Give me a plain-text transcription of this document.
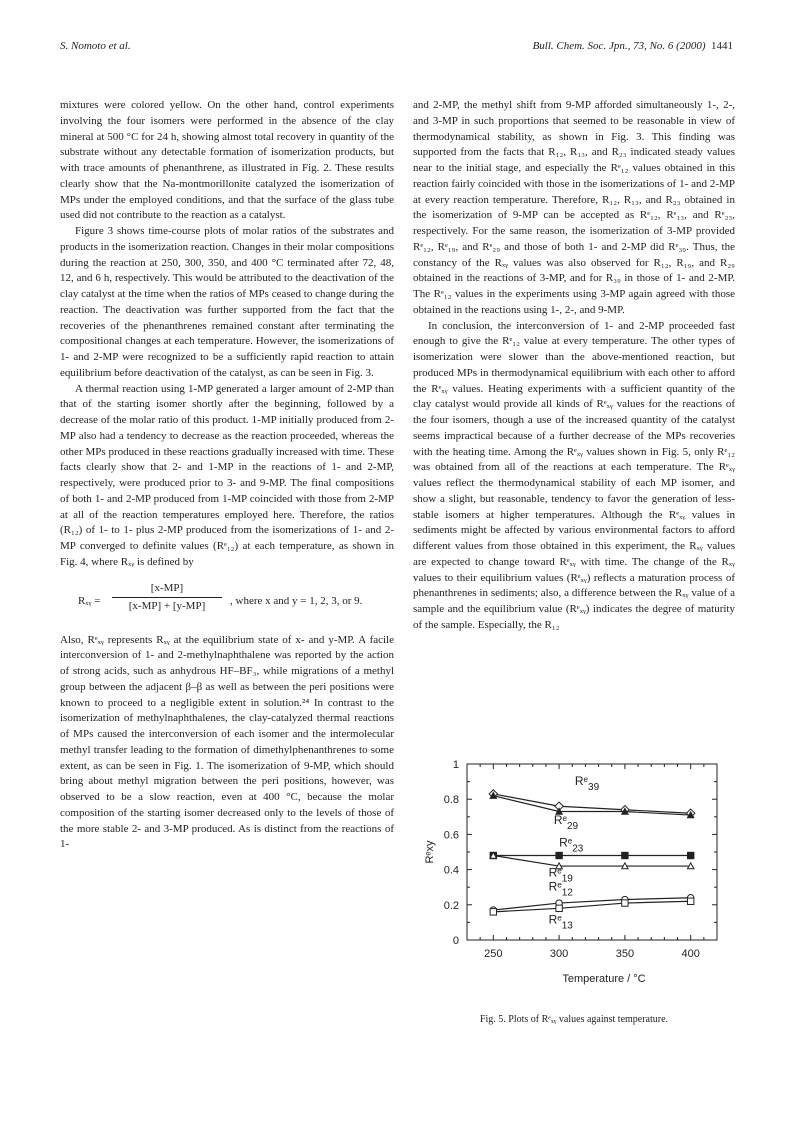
S. Nomoto et al.	Bull. Chem. Soc. Jpn., 73, No. 6 (2000) 1441

mixtures were colored yellow. On the other hand, control experiments involving the four isomers were performed in the absence of the clay mineral at 500 °C for 24 h, showing almost total recovery in quantity of the substrate without any detectable formation of isomerization products, but with trace amounts of phenanthrene, as illustrated in Fig. 2. These results clearly show that the Na-montmorillonite catalyzed the isomerization of MPs under the employed conditions, and that the surface of the glass tube used did not contribute to the reaction as a catalyst.

Figure 3 shows time-course plots of molar ratios of the substrates and products in the isomerization reaction. Changes in their molar compositions during the reaction at 250, 300, 350, and 400 °C terminated after 72, 48, 12, and 6 h, respectively. This would be attributed to the deactivation of the clay catalyst at the time when the ratios of MPs ceased to change during the reaction. The deactivation was further supported from the fact that the recoveries of the phenanthrenes remained constant after terminating the compositional changes at each temperature. However, the isomerizations of 1- and 2-MP were recognized to be a sufficiently rapid reaction to attain equilibrium before deactivation of the catalyst, as can be seen in Fig. 3.

A thermal reaction using 1-MP generated a larger amount of 2-MP than that of the starting isomer shortly after the beginning, followed by a decrease of the molar ratio of this product. 1-MP initially produced from 2-MP also had a tendency to decrease as the reaction proceeded, whereas the other MPs produced in these reactions gradually increased with time. These facts clearly show that 2- and 1-MP in the reactions of 1- and 2-MP, respectively, were produced prior to 3- and 9-MP. The final compositions of both 1- and 2-MP produced from 1-MP coincided with those from 2-MP at all of the reaction temperatures employed here. Therefore, the ratios (R₁₂) of 1- to 1- plus 2-MP produced from the isomerizations of 1- and 2-MP converged to definite values (Rᵉ₁₂) at each temperature, as shown in Fig. 4, where Rₓᵧ is defined by

Rₓᵧ = $\frac{[x-MP]}{[x-MP] + [y-MP]}$ , where x and y = 1, 2, 3, or 9.

Also, Rᵉₓᵧ represents Rₓᵧ at the equilibrium state of x- and y-MP. A facile interconversion of 1- and 2-methylnaphthalene was reported by the action of strong acids, such as anhydrous HF–BF₃, while migrations of a methyl group between the adjacent β–β as well as between the peri positions were known to proceed to a negligible extent in solution.²⁴ In contrast to the isomerization of methylnaphthalenes, the clay-catalyzed thermal reactions of MPs caused the interconversion of each isomer and the intermolecular methyl transfer leading to the formation of dimethylphenanthrenes to some extent, as can be seen in Fig. 1. The isomerization of 9-MP, which should bring about methyl migration between the peri positions, however, was observed to be a slow reaction, even at 400 °C, because the molar composition of the starting isomer decreased only to the levels of those of the more stable 2- and 3-MP produced. As is distinct from the reactions of 1-

and 2-MP, the methyl shift from 9-MP afforded simultaneously 1-, 2-, and 3-MP in such proportions that seemed to be reasonable in view of thermodynamical stability, as shown in Fig. 3. This finding was supported from the facts that R₁₂, R₁₃, and R₂₃ indicated steady values near to the initial stage, and especially the Rᵉ₁₂ values obtained in this reaction fairly coincided with those in the isomerizations of 1- and 2-MP at every reaction temperature. Therefore, R₁₂, R₁₃, and R₂₃ obtained in the isomerization of 9-MP can be accepted as Rᵉ₁₂, Rᵉ₁₃, and Rᵉ₂₃, respectively. For the same reason, the isomerization of 3-MP provided Rᵉ₁₂, Rᵉ₁₉, and Rᵉ₂₉ and those of both 1- and 2-MP did Rᵉ₃₉. Thus, the constancy of the Rₓᵧ values was also observed for R₁₂, R₁₉, and R₂₉ obtained in the reactions of 3-MP, and for R₃₉ in those of 1- and 2-MP. The Rᵉ₁₂ values in the experiments using 3-MP again agreed with those obtained in the reactions using 1-, 2-, and 9-MP.

In conclusion, the interconversion of 1- and 2-MP proceeded fast enough to give the Rᵉ₁₂ value at every temperature. The other types of isomerization were slower than the above-mentioned reaction, but produced MPs in thermodynamical equilibrium with each other to afford the Rᵉₓᵧ values. Heating experiments with a sufficient quantity of the clay catalyst would provide all kinds of Rᵉₓᵧ values for the reactions of the four isomers, though a use of the increased quantity of the catalyst seems impractical because of a further decrease of the MPs recoveries with the heating time. Among the Rᵉₓᵧ values shown in Fig. 5, only Rᵉ₁₂ was obtained from all of the reactions at each temperature. The Rᵉₓᵧ values reflect the thermodynamical stability of each MP isomer, and show a slight, but reasonable, tendency to favor the generation of less-stable isomers at higher temperatures. Although the Rᵉₓᵧ values in sediments might be affected by various environmental factors to afford different values from those obtained in this experiment, the Rₓᵧ values are expected to change toward Rᵉₓᵧ with time. The change of the Rₓᵧ values to their equilibrium values (Rᵉₓᵧ) reflects a maturation process of phenanthrenes in sediments; also, a difference between the Rₓᵧ value of a sample and the equilibrium value (Rᵉₓᵧ) indicates the degree of maturity of the sample. Especially, the R₁₂

0
0.2
0.4
0.6
0.8
1
250	300	350	400
Temperature / °C
Rᵉxy
Rᵉ$_{39}$
Rᵉ$_{29}$
Rᵉ$_{23}$
Rᵉ$_{19}$
Rᵉ$_{12}$
Rᵉ$_{13}$
Fig. 5. Plots of Rᵉₓᵧ values against temperature.
